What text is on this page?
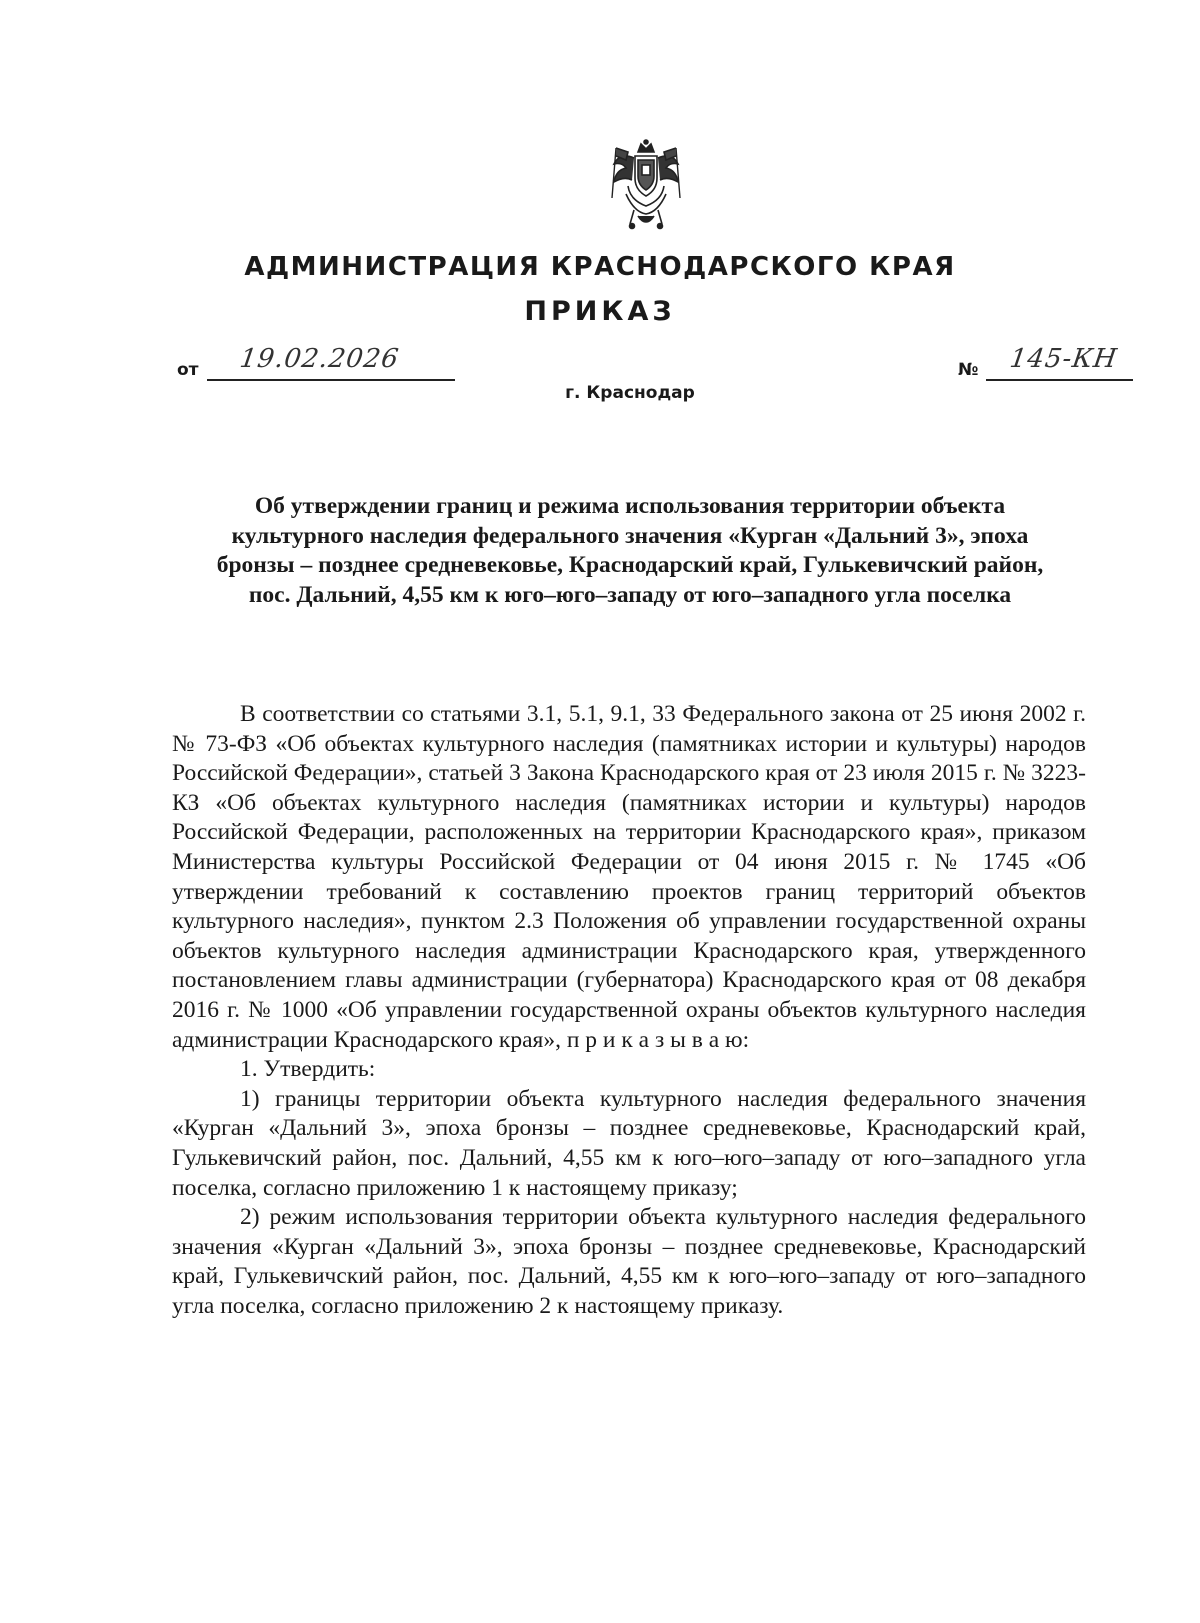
АДМИНИСТРАЦИЯ КРАСНОДАРСКОГО КРАЯ
ПРИКАЗ
от 19.02.2026
г. Краснодар
№ 145-КН
Об утверждении границ и режима использования территории объекта культурного наследия федерального значения «Курган «Дальний 3», эпоха бронзы – позднее средневековье, Краснодарский край, Гулькевичский район, пос. Дальний, 4,55 км к юго–юго–западу от юго–западного угла поселка

В соответствии со статьями 3.1, 5.1, 9.1, 33 Федерального закона от 25 июня 2002 г. № 73-ФЗ «Об объектах культурного наследия (памятниках истории и культуры) народов Российской Федерации», статьей 3 Закона Краснодарского края от 23 июля 2015 г. № 3223-КЗ «Об объектах культурного наследия (памятниках истории и культуры) народов Российской Федерации, расположенных на территории Краснодарского края», приказом Министерства культуры Российской Федерации от 04 июня 2015 г. № 1745 «Об утверждении требований к составлению проектов границ территорий объектов культурного наследия», пунктом 2.3 Положения об управлении государственной охраны объектов культурного наследия администрации Краснодарского края, утвержденного постановлением главы администрации (губернатора) Краснодарского края от 08 декабря 2016 г. № 1000 «Об управлении государственной охраны объектов культурного наследия администрации Краснодарского края», п р и к а з ы в а ю:

1. Утвердить:

1) границы территории объекта культурного наследия федерального значения «Курган «Дальний 3», эпоха бронзы – позднее средневековье, Краснодарский край, Гулькевичский район, пос. Дальний, 4,55 км к юго–юго–западу от юго–западного угла поселка, согласно приложению 1 к настоящему приказу;

2) режим использования территории объекта культурного наследия федерального значения «Курган «Дальний 3», эпоха бронзы – позднее средневековье, Краснодарский край, Гулькевичский район, пос. Дальний, 4,55 км к юго–юго–западу от юго–западного угла поселка, согласно приложению 2 к настоящему приказу.
